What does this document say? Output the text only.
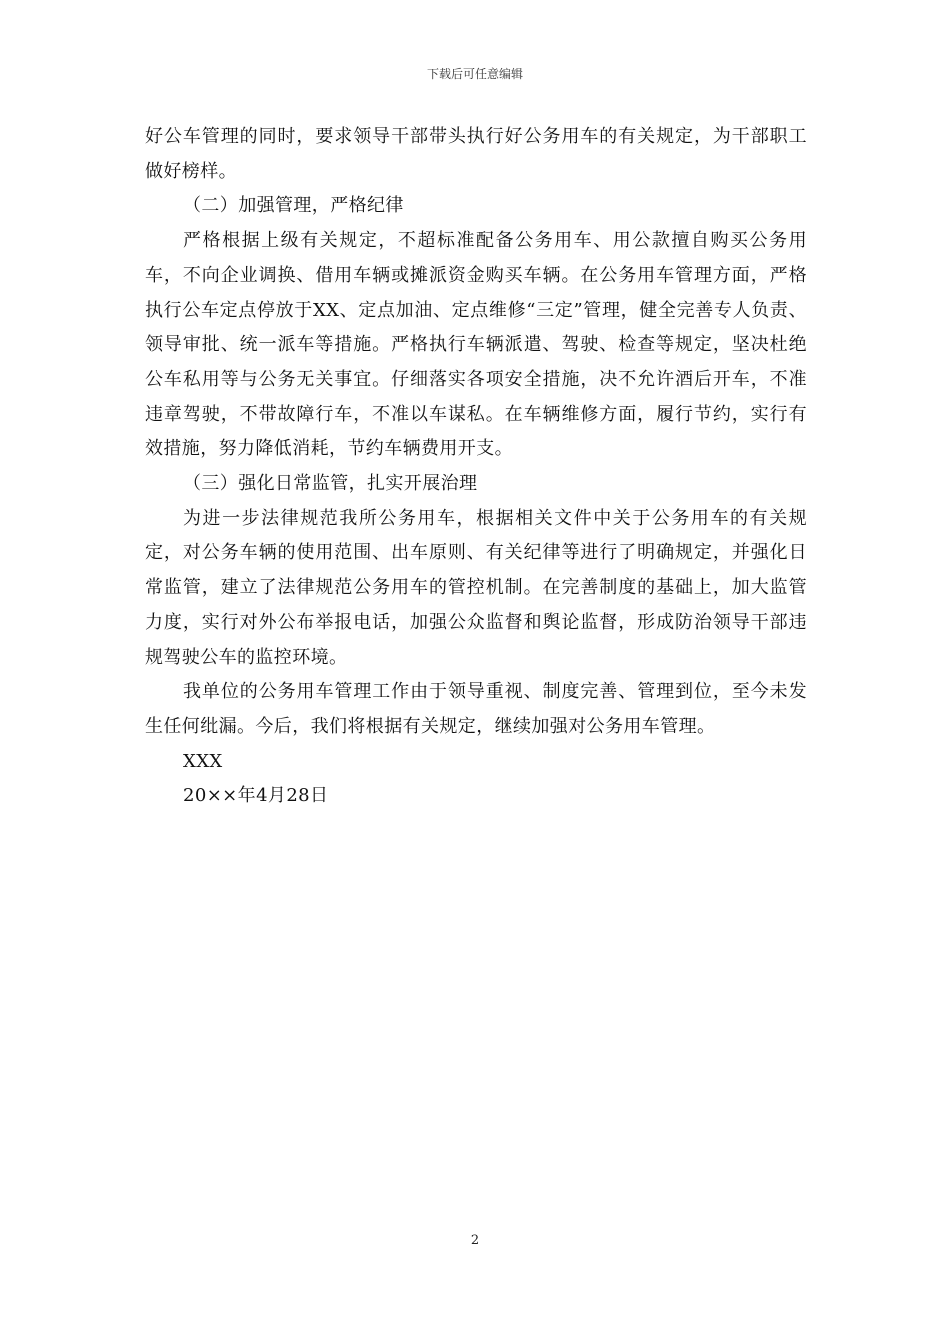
下载后可任意编辑

好公车管理的同时，要求领导干部带头执行好公务用车的有关规定，为干部职工做好榜样。

（二）加强管理，严格纪律

严格根据上级有关规定，不超标准配备公务用车、用公款擅自购买公务用车，不向企业调换、借用车辆或摊派资金购买车辆。在公务用车管理方面，严格执行公车定点停放于XX、定点加油、定点维修“三定”管理，健全完善专人负责、领导审批、统一派车等措施。严格执行车辆派遣、驾驶、检查等规定，坚决杜绝公车私用等与公务无关事宜。仔细落实各项安全措施，决不允许酒后开车，不准违章驾驶，不带故障行车，不准以车谋私。在车辆维修方面，履行节约，实行有效措施，努力降低消耗，节约车辆费用开支。

（三）强化日常监管，扎实开展治理

为进一步法律规范我所公务用车，根据相关文件中关于公务用车的有关规定，对公务车辆的使用范围、出车原则、有关纪律等进行了明确规定，并强化日常监管，建立了法律规范公务用车的管控机制。在完善制度的基础上，加大监管力度，实行对外公布举报电话，加强公众监督和舆论监督，形成防治领导干部违规驾驶公车的监控环境。

我单位的公务用车管理工作由于领导重视、制度完善、管理到位，至今未发生任何纰漏。今后，我们将根据有关规定，继续加强对公务用车管理。

XXX

20××年4月28日

2
